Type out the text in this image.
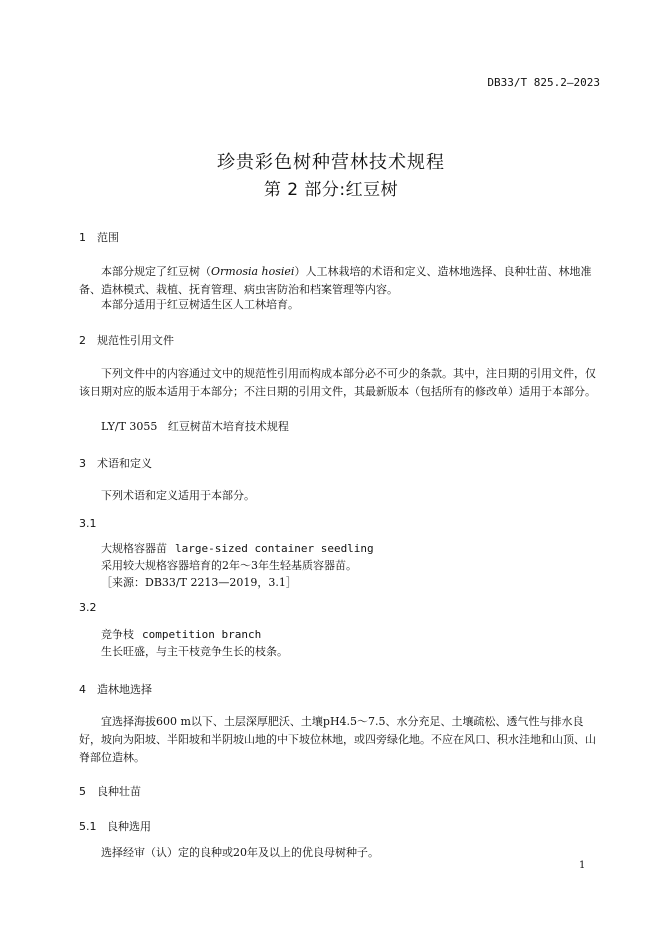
DB33/T 825.2—2023
珍贵彩色树种营林技术规程
第 2 部分:红豆树
1 范围
本部分规定了红豆树（Ormosia hosiei）人工林栽培的术语和定义、造林地选择、良种壮苗、林地准备、造林模式、栽植、抚育管理、病虫害防治和档案管理等内容。
本部分适用于红豆树适生区人工林培育。
2 规范性引用文件
下列文件中的内容通过文中的规范性引用而构成本部分必不可少的条款。其中，注日期的引用文件，仅该日期对应的版本适用于本部分；不注日期的引用文件，其最新版本（包括所有的修改单）适用于本部分。
LY/T 3055 红豆树苗木培育技术规程
3 术语和定义
下列术语和定义适用于本部分。
3.1
大规格容器苗 large-sized container seedling
采用较大规格容器培育的2年～3年生轻基质容器苗。
［来源：DB33/T 2213—2019，3.1］
3.2
竞争枝 competition branch
生长旺盛，与主干枝竞争生长的枝条。
4 造林地选择
宜选择海拔600 m以下、土层深厚肥沃、土壤pH4.5～7.5、水分充足、土壤疏松、透气性与排水良好，坡向为阳坡、半阳坡和半阴坡山地的中下坡位林地，或四旁绿化地。不应在风口、积水洼地和山顶、山脊部位造林。
5 良种壮苗
5.1 良种选用
选择经审（认）定的良种或20年及以上的优良母树种子。
1
